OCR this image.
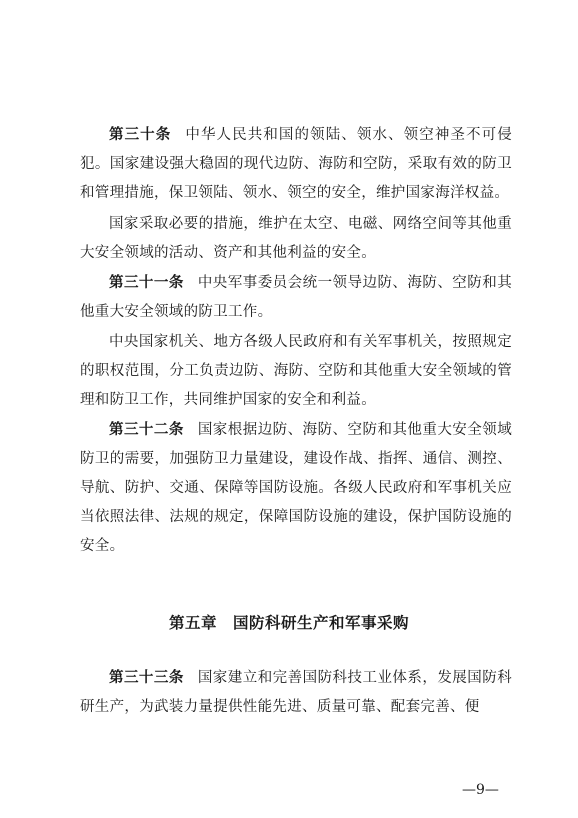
第三十条 中华人民共和国的领陆、领水、领空神圣不可侵犯。国家建设强大稳固的现代边防、海防和空防，采取有效的防卫和管理措施，保卫领陆、领水、领空的安全，维护国家海洋权益。

国家采取必要的措施，维护在太空、电磁、网络空间等其他重大安全领域的活动、资产和其他利益的安全。

第三十一条 中央军事委员会统一领导边防、海防、空防和其他重大安全领域的防卫工作。

中央国家机关、地方各级人民政府和有关军事机关，按照规定的职权范围，分工负责边防、海防、空防和其他重大安全领域的管理和防卫工作，共同维护国家的安全和利益。

第三十二条 国家根据边防、海防、空防和其他重大安全领域防卫的需要，加强防卫力量建设，建设作战、指挥、通信、测控、导航、防护、交通、保障等国防设施。各级人民政府和军事机关应当依照法律、法规的规定，保障国防设施的建设，保护国防设施的安全。

第五章 国防科研生产和军事采购

第三十三条 国家建立和完善国防科技工业体系，发展国防科研生产，为武装力量提供性能先进、质量可靠、配套完善、便

—9—
